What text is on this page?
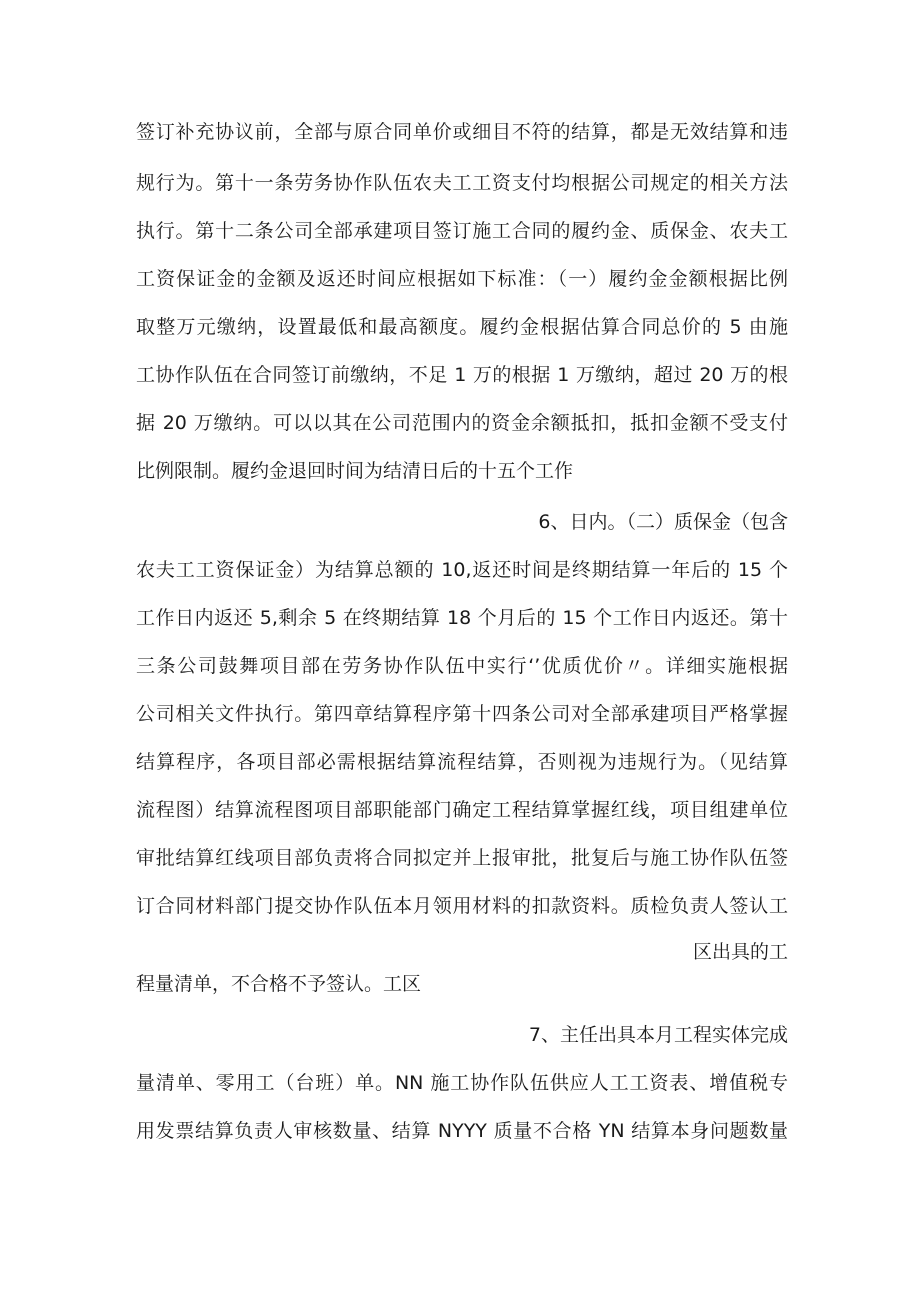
签订补充协议前，全部与原合同单价或细目不符的结算，都是无效结算和违
规行为。第十一条劳务协作队伍农夫工工资支付均根据公司规定的相关方法
执行。第十二条公司全部承建项目签订施工合同的履约金、质保金、农夫工
工资保证金的金额及返还时间应根据如下标准：（一）履约金金额根据比例
取整万元缴纳，设置最低和最高额度。履约金根据估算合同总价的 5 由施
工协作队伍在合同签订前缴纳，不足 1 万的根据 1 万缴纳，超过 20 万的根
据 20 万缴纳。可以以其在公司范围内的资金余额抵扣，抵扣金额不受支付
比例限制。履约金退回时间为结清日后的十五个工作
6、日内。（二）质保金（包含
农夫工工资保证金）为结算总额的 10,返还时间是终期结算一年后的 15 个
工作日内返还 5,剩余 5 在终期结算 18 个月后的 15 个工作日内返还。第十
三条公司鼓舞项目部在劳务协作队伍中实行‘’优质优价〃。详细实施根据
公司相关文件执行。第四章结算程序第十四条公司对全部承建项目严格掌握
结算程序，各项目部必需根据结算流程结算，否则视为违规行为。（见结算
流程图）结算流程图项目部职能部门确定工程结算掌握红线，项目组建单位
审批结算红线项目部负责将合同拟定并上报审批，批复后与施工协作队伍签
订合同材料部门提交协作队伍本月领用材料的扣款资料。质检负责人签认工
区出具的工
程量清单，不合格不予签认。工区
7、主任出具本月工程实体完成
量清单、零用工（台班）单。NN 施工协作队伍供应人工工资表、增值税专
用发票结算负责人审核数量、结算 NYYY 质量不合格 YN 结算本身问题数量
